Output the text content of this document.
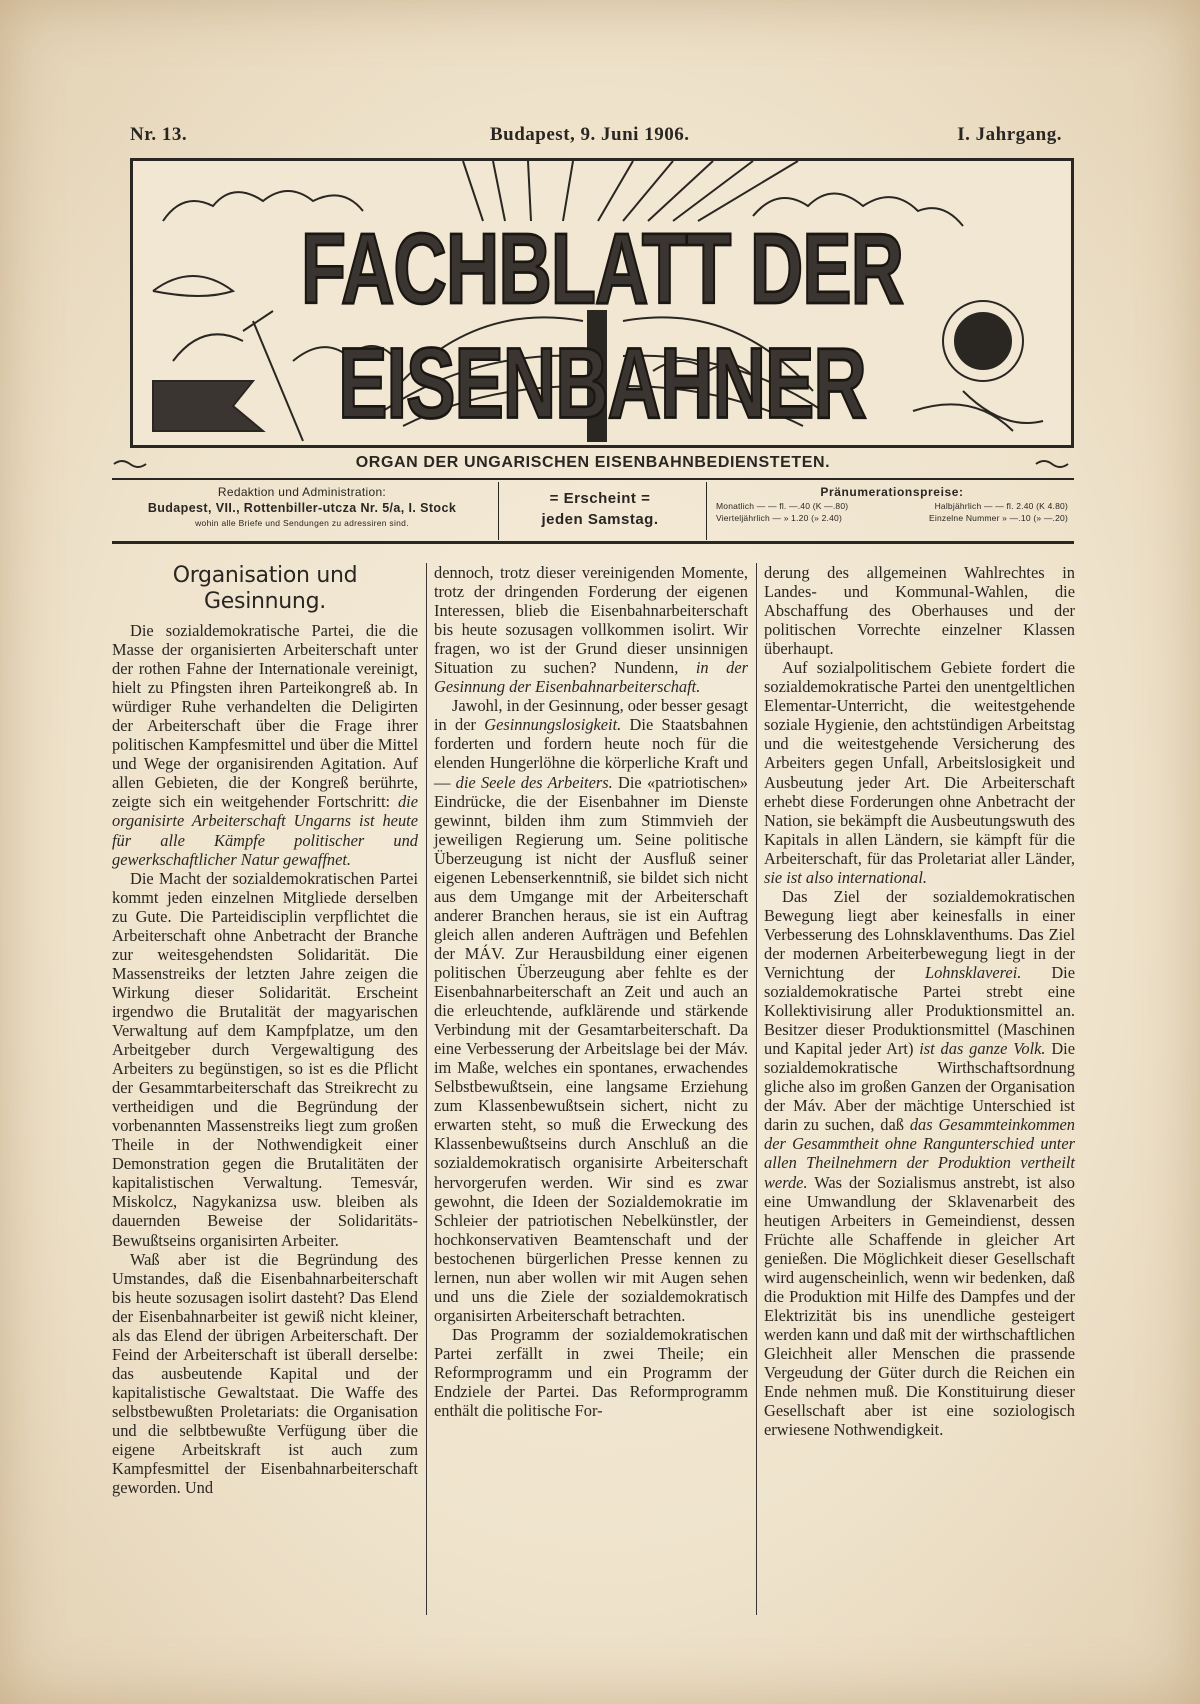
Nr. 13.	Budapest, 9. Juni 1906.	I. Jahrgang.
FACHBLATT DER EISENBAHNER
ORGAN DER UNGARISCHEN EISENBAHNBEDIENSTETEN.
Redaktion und Administration:
Budapest, VII., Rottenbiller-utcza Nr. 5/a, I. Stock
wohin alle Briefe und Sendungen zu adressiren sind.
= Erscheint =
jeden Samstag.
Pränumerationspreise:
Monatlich — — fl. —.40 (K —.80)	Halbjährlich — — fl. 2.40 (K 4.80)
Vierteljährlich — » 1.20 (» 2.40)	Einzelne Nummer » —.10 (» —.20)
Organisation und Gesinnung.

Die sozialdemokratische Partei, die die Masse der organisierten Arbeiterschaft unter der rothen Fahne der Internationale vereinigt, hielt zu Pfingsten ihren Parteikongreß ab. In würdiger Ruhe verhandelten die Deligirten der Arbeiterschaft über die Frage ihrer politischen Kampfesmittel und über die Mittel und Wege der organisirenden Agitation. Auf allen Gebieten, die der Kongreß berührte, zeigte sich ein weitgehender Fortschritt: die organisirte Arbeiterschaft Ungarns ist heute für alle Kämpfe politischer und gewerkschaftlicher Natur gewaffnet.

Die Macht der sozialdemokratischen Partei kommt jeden einzelnen Mitgliede derselben zu Gute. Die Parteidisciplin verpflichtet die Arbeiterschaft ohne Anbetracht der Branche zur weitesgehendsten Solidarität. Die Massenstreiks der letzten Jahre zeigen die Wirkung dieser Solidarität. Erscheint irgendwo die Brutalität der magyarischen Verwaltung auf dem Kampfplatze, um den Arbeitgeber durch Vergewaltigung des Arbeiters zu begünstigen, so ist es die Pflicht der Gesammtarbeiterschaft das Streikrecht zu vertheidigen und die Begründung der vorbenannten Massenstreiks liegt zum großen Theile in der Nothwendigkeit einer Demonstration gegen die Brutalitäten der kapitalistischen Verwaltung. Temesvár, Miskolcz, Nagykanizsa usw. bleiben als dauernden Beweise der Solidaritäts-Bewußtseins organisirten Arbeiter.

Waß aber ist die Begründung des Umstandes, daß die Eisenbahnarbeiterschaft bis heute sozusagen isolirt dasteht? Das Elend der Eisenbahnarbeiter ist gewiß nicht kleiner, als das Elend der übrigen Arbeiterschaft. Der Feind der Arbeiterschaft ist überall derselbe: das ausbeutende Kapital und der kapitalistische Gewaltstaat. Die Waffe des selbstbewußten Proletariats: die Organisation und die selbtbewußte Verfügung über die eigene Arbeitskraft ist auch zum Kampfesmittel der Eisenbahnarbeiterschaft geworden. Und

dennoch, trotz dieser vereinigenden Momente, trotz der dringenden Forderung der eigenen Interessen, blieb die Eisenbahnarbeiterschaft bis heute sozusagen vollkommen isolirt. Wir fragen, wo ist der Grund dieser unsinnigen Situation zu suchen? Nundenn, in der Gesinnung der Eisenbahnarbeiterschaft.

Jawohl, in der Gesinnung, oder besser gesagt in der Gesinnungslosigkeit. Die Staatsbahnen forderten und fordern heute noch für die elenden Hungerlöhne die körperliche Kraft und — die Seele des Arbeiters. Die «patriotischen» Eindrücke, die der Eisenbahner im Dienste gewinnt, bilden ihm zum Stimmvieh der jeweiligen Regierung um. Seine politische Überzeugung ist nicht der Ausfluß seiner eigenen Lebenserkenntniß, sie bildet sich nicht aus dem Umgange mit der Arbeiterschaft anderer Branchen heraus, sie ist ein Auftrag gleich allen anderen Aufträgen und Befehlen der MÁV. Zur Herausbildung einer eigenen politischen Überzeugung aber fehlte es der Eisenbahnarbeiterschaft an Zeit und auch an die erleuchtende, aufklärende und stärkende Verbindung mit der Gesamtarbeiterschaft. Da eine Verbesserung der Arbeitslage bei der Máv. im Maße, welches ein spontanes, erwachendes Selbstbewußtsein, eine langsame Erziehung zum Klassenbewußtsein sichert, nicht zu erwarten steht, so muß die Erweckung des Klassenbewußtseins durch Anschluß an die sozialdemokratisch organisirte Arbeiterschaft hervorgerufen werden. Wir sind es zwar gewohnt, die Ideen der Sozialdemokratie im Schleier der patriotischen Nebelkünstler, der hochkonservativen Beamtenschaft und der bestochenen bürgerlichen Presse kennen zu lernen, nun aber wollen wir mit Augen sehen und uns die Ziele der sozialdemokratisch organisirten Arbeiterschaft betrachten.

Das Programm der sozialdemokratischen Partei zerfällt in zwei Theile; ein Reformprogramm und ein Programm der Endziele der Partei. Das Reformprogramm enthält die politische For-

derung des allgemeinen Wahlrechtes in Landes- und Kommunal-Wahlen, die Abschaffung des Oberhauses und der politischen Vorrechte einzelner Klassen überhaupt.

Auf sozialpolitischem Gebiete fordert die sozialdemokratische Partei den unentgeltlichen Elementar-Unterricht, die weitestgehende soziale Hygienie, den achtstündigen Arbeitstag und die weitestgehende Versicherung des Arbeiters gegen Unfall, Arbeitslosigkeit und Ausbeutung jeder Art. Die Arbeiterschaft erhebt diese Forderungen ohne Anbetracht der Nation, sie bekämpft die Ausbeutungswuth des Kapitals in allen Ländern, sie kämpft für die Arbeiterschaft, für das Proletariat aller Länder, sie ist also international.

Das Ziel der sozialdemokratischen Bewegung liegt aber keinesfalls in einer Verbesserung des Lohnsklaventhums. Das Ziel der modernen Arbeiterbewegung liegt in der Vernichtung der Lohnsklaverei. Die sozialdemokratische Partei strebt eine Kollektivisirung aller Produktionsmittel an. Besitzer dieser Produktionsmittel (Maschinen und Kapital jeder Art) ist das ganze Volk. Die sozialdemokratische Wirthschaftsordnung gliche also im großen Ganzen der Organisation der Máv. Aber der mächtige Unterschied ist darin zu suchen, daß das Gesammteinkommen der Gesammtheit ohne Rangunterschied unter allen Theilnehmern der Produktion vertheilt werde. Was der Sozialismus anstrebt, ist also eine Umwandlung der Sklavenarbeit des heutigen Arbeiters in Gemeindienst, dessen Früchte alle Schaffende in gleicher Art genießen. Die Möglichkeit dieser Gesellschaft wird augenscheinlich, wenn wir bedenken, daß die Produktion mit Hilfe des Dampfes und der Elektrizität bis ins unendliche gesteigert werden kann und daß mit der wirthschaftlichen Gleichheit aller Menschen die prassende Vergeudung der Güter durch die Reichen ein Ende nehmen muß. Die Konstituirung dieser Gesellschaft aber ist eine soziologisch erwiesene Nothwendigkeit.
